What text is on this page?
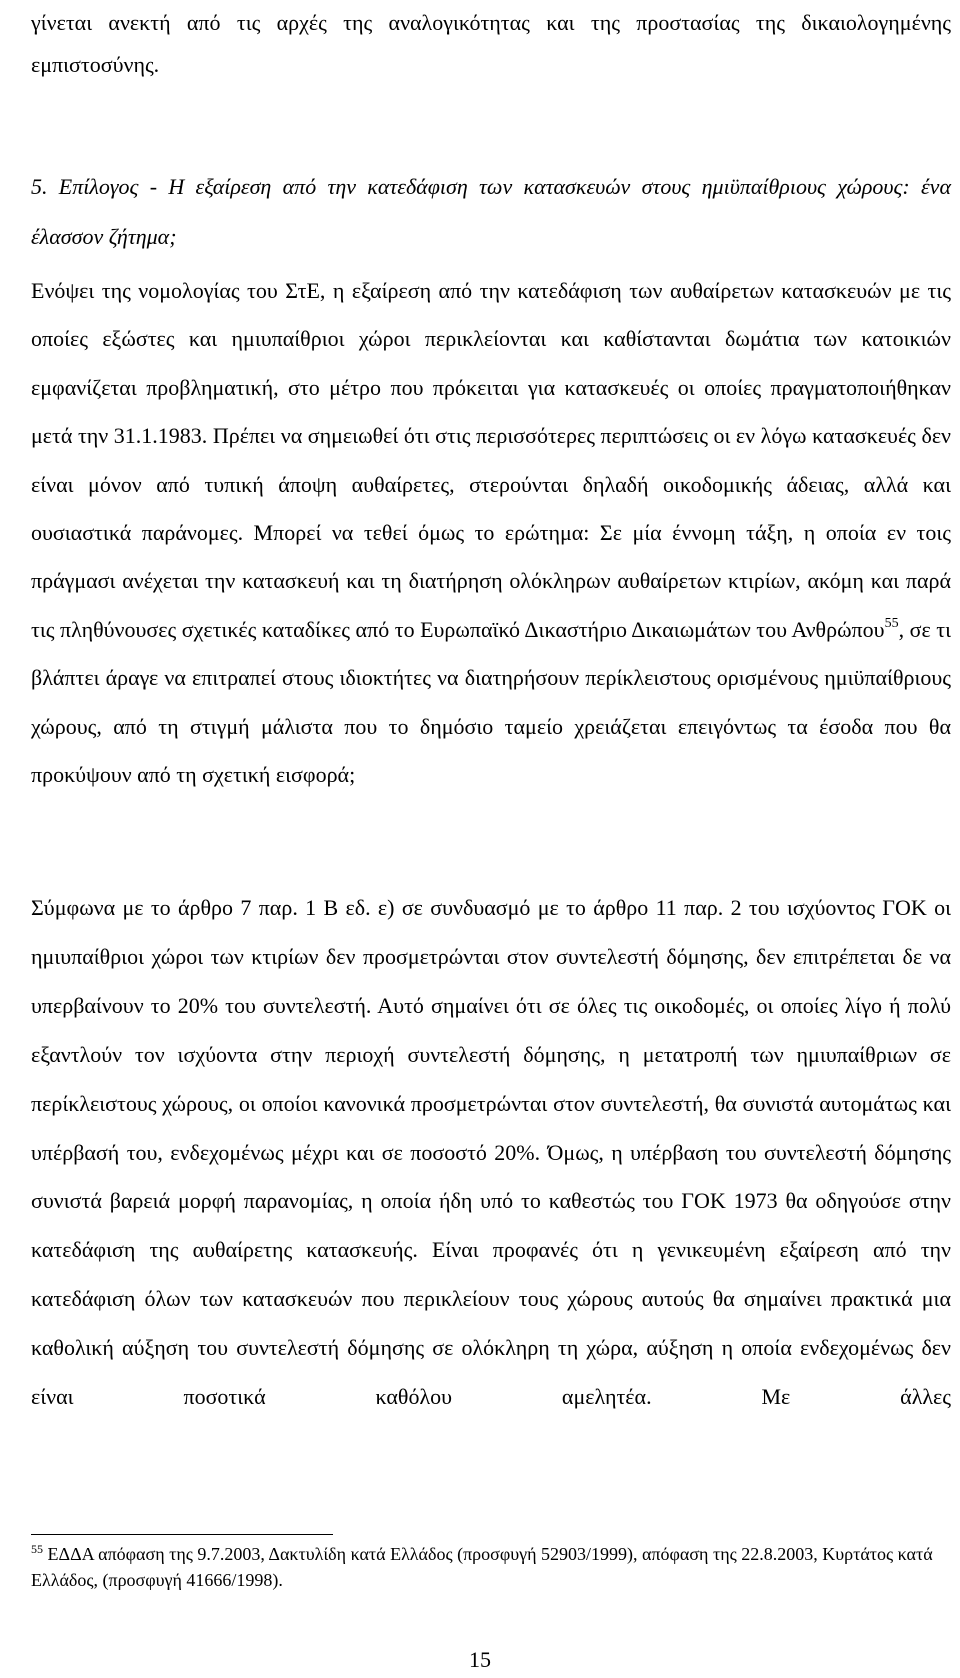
γίνεται ανεκτή από τις αρχές της αναλογικότητας και της προστασίας της δικαιολογημένης εμπιστοσύνης.

5. Επίλογος - Η εξαίρεση από την κατεδάφιση των κατασκευών στους ημιϋπαίθριους χώρους: ένα έλασσον ζήτημα;

Ενόψει της νομολογίας του ΣτΕ, η εξαίρεση από την κατεδάφιση των αυθαίρετων κατασκευών με τις οποίες εξώστες και ημιυπαίθριοι χώροι περικλείονται και καθίστανται δωμάτια των κατοικιών εμφανίζεται προβληματική, στο μέτρο που πρόκειται για κατασκευές οι οποίες πραγματοποιήθηκαν μετά την 31.1.1983. Πρέπει να σημειωθεί ότι στις περισσότερες περιπτώσεις οι εν λόγω κατασκευές δεν είναι μόνον από τυπική άποψη αυθαίρετες, στερούνται δηλαδή οικοδομικής άδειας, αλλά και ουσιαστικά παράνομες. Μπορεί να τεθεί όμως το ερώτημα: Σε μία έννομη τάξη, η οποία εν τοις πράγμασι ανέχεται την κατασκευή και τη διατήρηση ολόκληρων αυθαίρετων κτιρίων, ακόμη και παρά τις πληθύνουσες σχετικές καταδίκες από το Ευρωπαϊκό Δικαστήριο Δικαιωμάτων του Ανθρώπου$^{55}$, σε τι βλάπτει άραγε να επιτραπεί στους ιδιοκτήτες να διατηρήσουν περίκλειστους ορισμένους ημιϋπαίθριους χώρους, από τη στιγμή μάλιστα που το δημόσιο ταμείο χρειάζεται επειγόντως τα έσοδα που θα προκύψουν από τη σχετική εισφορά;

Σύμφωνα με το άρθρο 7 παρ. 1 Β εδ. ε) σε συνδυασμό με το άρθρο 11 παρ. 2 του ισχύοντος ΓΟΚ οι ημιυπαίθριοι χώροι των κτιρίων δεν προσμετρώνται στον συντελεστή δόμησης, δεν επιτρέπεται δε να υπερβαίνουν το 20% του συντελεστή. Αυτό σημαίνει ότι σε όλες τις οικοδομές, οι οποίες λίγο ή πολύ εξαντλούν τον ισχύοντα στην περιοχή συντελεστή δόμησης, η μετατροπή των ημιυπαίθριων σε περίκλειστους χώρους, οι οποίοι κανονικά προσμετρώνται στον συντελεστή, θα συνιστά αυτομάτως και υπέρβασή του, ενδεχομένως μέχρι και σε ποσοστό 20%. Όμως, η υπέρβαση του συντελεστή δόμησης συνιστά βαρειά μορφή παρανομίας, η οποία ήδη υπό το καθεστώς του ΓΟΚ 1973 θα οδηγούσε στην κατεδάφιση της αυθαίρετης κατασκευής. Είναι προφανές ότι η γενικευμένη εξαίρεση από την κατεδάφιση όλων των κατασκευών που περικλείουν τους χώρους αυτούς θα σημαίνει πρακτικά μια καθολική αύξηση του συντελεστή δόμησης σε ολόκληρη τη χώρα, αύξηση η οποία ενδεχομένως δεν είναι ποσοτικά καθόλου αμελητέα. Με άλλες

$^{55}$ ΕΔΔΑ απόφαση της 9.7.2003, Δακτυλίδη κατά Ελλάδος (προσφυγή 52903/1999), απόφαση της 22.8.2003, Κυρτάτος κατά Ελλάδος, (προσφυγή 41666/1998).

15
